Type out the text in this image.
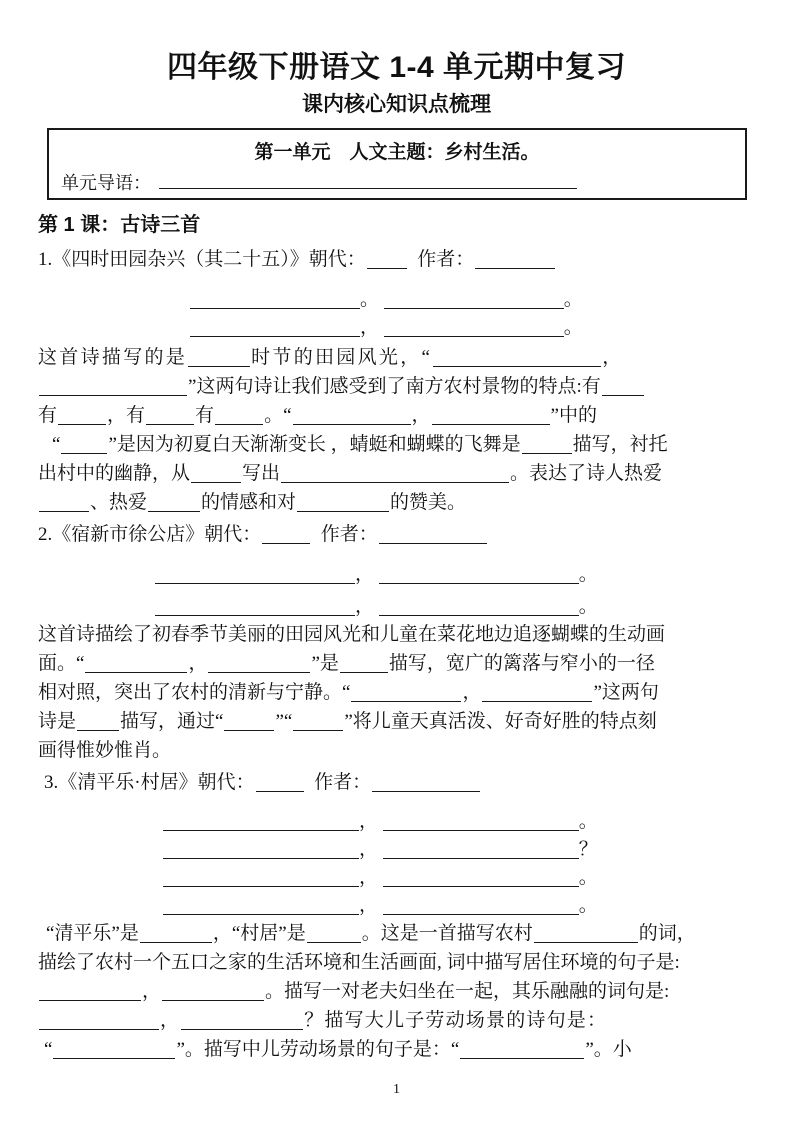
四年级下册语文 1-4 单元期中复习
课内核心知识点梳理
第一单元　人文主题：乡村生活。
单元导语：
第 1 课：古诗三首
1.《四时田园杂兴（其二十五）》朝代：	作者：
。	。
，	。
这首诗描写的是	时节的田园风光，“	，
”这两句诗让我们感受到了南方农村景物的特点:有
有	，有	有	。“	，	”中的
“	”是因为初夏白天渐渐变长 ，蜻蜓和蝴蝶的飞舞是	描写，衬托
出村中的幽静，从	写出	。表达了诗人热爱
、热爱	的情感和对	的赞美。
2.《宿新市徐公店》朝代：	作者：
，	。
，	。
这首诗描绘了初春季节美丽的田园风光和儿童在菜花地边追逐蝴蝶的生动画
面。“	，	”是	描写，宽广的篱落与窄小的一径
相对照，突出了农村的清新与宁静。“	，	”这两句
诗是 描写，通过“	”“	”将儿童天真活泼、好奇好胜的特点刻
画得惟妙惟肖。
3.《清平乐·村居》朝代：	作者：
，	。
，	？
，	。
，	。
“清平乐”是	，“村居”是	。这是一首描写农村	的词，
描绘了农村一个五口之家的生活环境和生活画面, 词中描写居住环境的句子是:
，	。描写一对老夫妇坐在一起，其乐融融的词句是:
，	？描写大儿子劳动场景的诗句是：
“	”。描写中儿劳动场景的句子是：“	”。小
1
